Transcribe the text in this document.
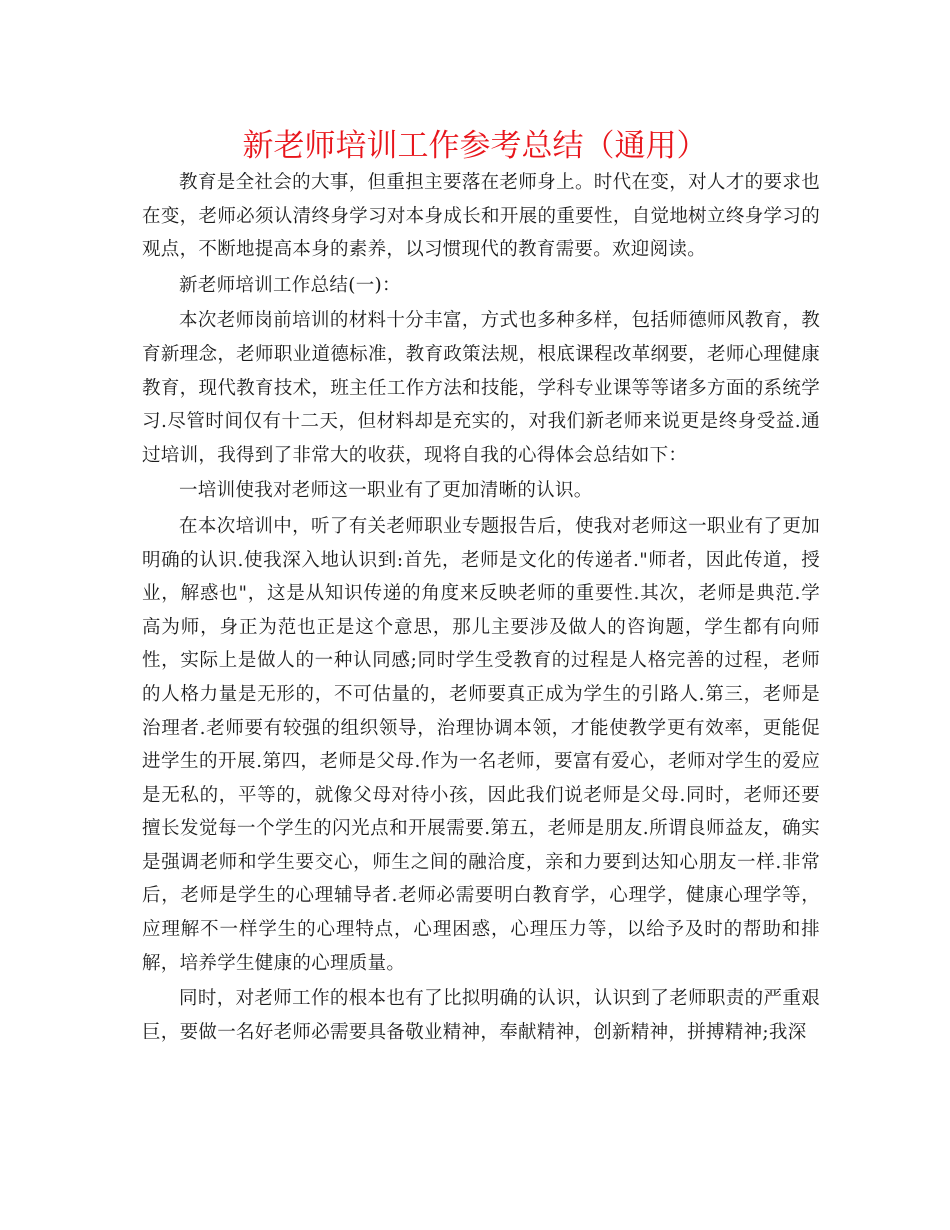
新老师培训工作参考总结（通用）

教育是全社会的大事，但重担主要落在老师身上。时代在变，对人才的要求也在变，老师必须认清终身学习对本身成长和开展的重要性，自觉地树立终身学习的观点，不断地提高本身的素养，以习惯现代的教育需要。欢迎阅读。

新老师培训工作总结(一)：

本次老师岗前培训的材料十分丰富，方式也多种多样，包括师德师风教育，教育新理念，老师职业道德标准，教育政策法规，根底课程改革纲要，老师心理健康教育，现代教育技术，班主任工作方法和技能，学科专业课等等诸多方面的系统学习.尽管时间仅有十二天，但材料却是充实的，对我们新老师来说更是终身受益.通过培训，我得到了非常大的收获，现将自我的心得体会总结如下：

一培训使我对老师这一职业有了更加清晰的认识。

在本次培训中，听了有关老师职业专题报告后，使我对老师这一职业有了更加明确的认识.使我深入地认识到:首先，老师是文化的传递者."师者，因此传道，授业，解惑也"，这是从知识传递的角度来反映老师的重要性.其次，老师是典范.学高为师，身正为范也正是这个意思，那儿主要涉及做人的咨询题，学生都有向师性，实际上是做人的一种认同感;同时学生受教育的过程是人格完善的过程，老师的人格力量是无形的，不可估量的，老师要真正成为学生的引路人.第三，老师是治理者.老师要有较强的组织领导，治理协调本领，才能使教学更有效率，更能促进学生的开展.第四，老师是父母.作为一名老师，要富有爱心，老师对学生的爱应是无私的，平等的，就像父母对待小孩，因此我们说老师是父母.同时，老师还要擅长发觉每一个学生的闪光点和开展需要.第五，老师是朋友.所谓良师益友，确实是强调老师和学生要交心，师生之间的融洽度，亲和力要到达知心朋友一样.非常后，老师是学生的心理辅导者.老师必需要明白教育学，心理学，健康心理学等，应理解不一样学生的心理特点，心理困惑，心理压力等，以给予及时的帮助和排解，培养学生健康的心理质量。

同时，对老师工作的根本也有了比拟明确的认识，认识到了老师职责的严重艰巨，要做一名好老师必需要具备敬业精神，奉献精神，创新精神，拼搏精神;我深
